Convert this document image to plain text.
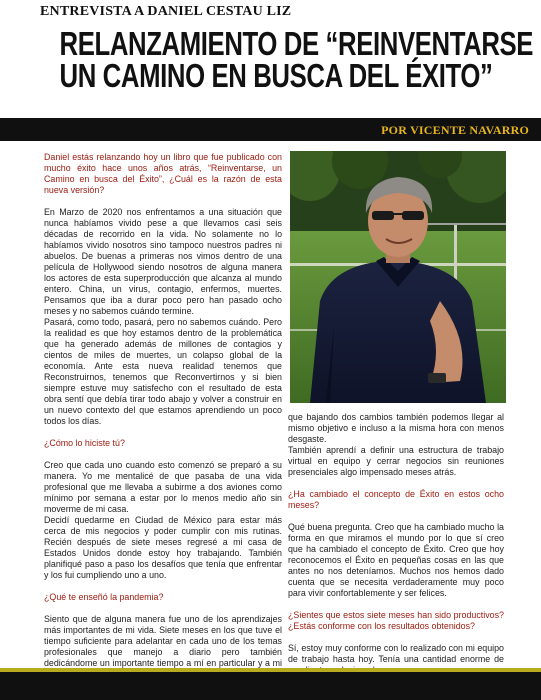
ENTREVISTA A DANIEL CESTAU LIZ
RELANZAMIENTO DE “REINVENTARSE
UN CAMINO EN BUSCA DEL ÉXITO”
POR VICENTE NAVARRO

Daniel estás relanzando hoy un libro que fue publicado con mucho éxito hace unos años atrás, “Reinventarse, un Camino en busca del Éxito”, ¿Cuál es la razón de esta nueva versión?

En Marzo de 2020 nos enfrentamos a una situación que nunca habíamos vivido pese a que llevamos casi seis décadas de recorrido en la vida. No solamente no lo habíamos vivido nosotros sino tampoco nuestros padres ni abuelos. De buenas a primeras nos vimos dentro de una película de Hollywood siendo nosotros de alguna manera los actores de esta superproducción que alcanza al mundo entero. China, un virus, contagio, enfermos, muertes. Pensamos que iba a durar poco pero han pasado ocho meses y no sabemos cuándo termine.

Pasará, como todo, pasará, pero no sabemos cuándo. Pero la realidad es que hoy estamos dentro de la problemática que ha generado además de millones de contagios y cientos de miles de muertes, un colapso global de la economía. Ante esta nueva realidad tenemos que Reconstruirnos, tenemos que Reconvertirnos y si bien siempre estuve muy satisfecho con el resultado de esta obra sentí que debía tirar todo abajo y volver a construir en un nuevo contexto del que estamos aprendiendo un poco todos los días.

¿Cómo lo hiciste tú?

Creo que cada uno cuando esto comenzó se preparó a su manera. Yo me mentalicé de que pasaba de una vida profesional que me llevaba a subirme a dos aviones como mínimo por semana a estar por lo menos medio año sin moverme de mi casa.

Decidí quedarme en Ciudad de México para estar más cerca de mis negocios y poder cumplir con mis rutinas. Recién después de siete meses regresé a mi casa de Estados Unidos donde estoy hoy trabajando. También planifiqué paso a paso los desafíos que tenía que enfrentar y los fui cumpliendo uno a uno.

¿Qué te enseñó la pandemia?

Siento que de alguna manera fue uno de los aprendizajes más importantes de mi vida. Siete meses en los que tuve el tiempo suficiente para adelantar en cada uno de los temas profesionales que manejo a diario pero también dedicándome un importante tiempo a mí en particular y a mi

que bajando dos cambios también podemos llegar al mismo objetivo e incluso a la misma hora con menos desgaste.

También aprendí a definir una estructura de trabajo virtual en equipo y cerrar negocios sin reuniones presenciales algo impensado meses atrás.

¿Ha cambiado el concepto de Éxito en estos ocho meses?

Qué buena pregunta. Creo que ha cambiado mucho la forma en que miramos el mundo por lo que sí creo que ha cambiado el concepto de Éxito. Creo que hoy reconocemos el Éxito en pequeñas cosas en las que antes no nos deteníamos. Muchos nos hemos dado cuenta que se necesita verdaderamente muy poco para vivir confortablemente y ser felices.

¿Sientes que estos siete meses han sido productivos? ¿Estás conforme con los resultados obtenidos?

Sí, estoy muy conforme con lo realizado con mi equipo de trabajo hasta hoy. Tenía una cantidad enorme de
